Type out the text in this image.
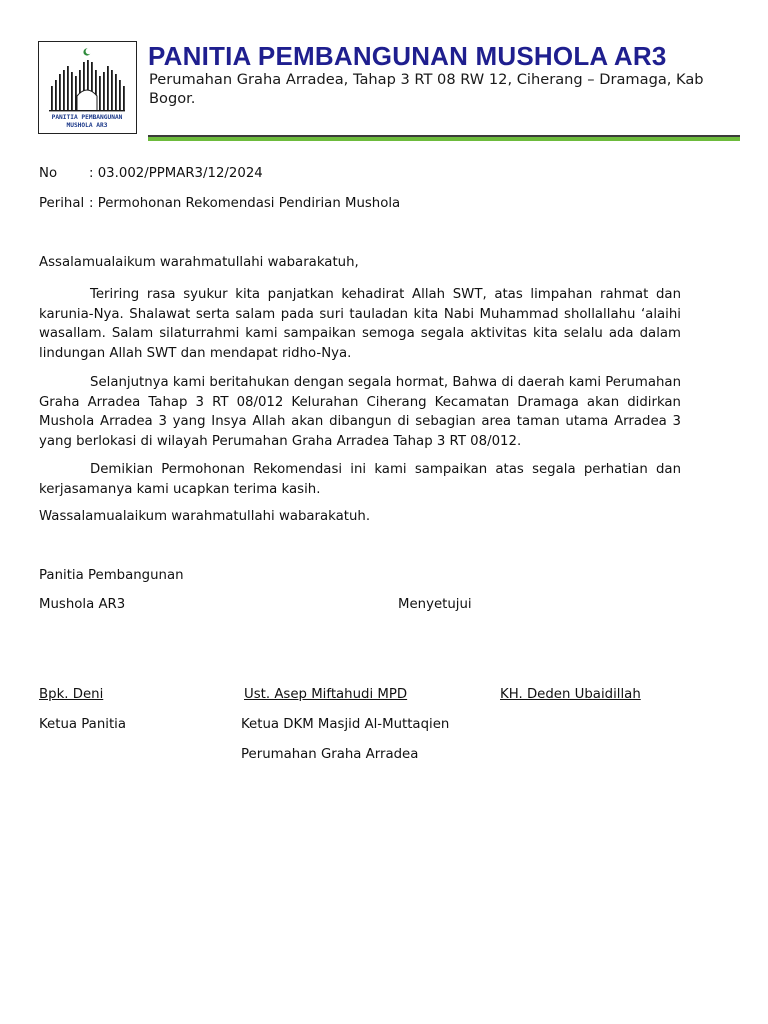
PANITIA PEMBANGUNAN
MUSHOLA AR3
PANITIA PEMBANGUNAN MUSHOLA AR3
Perumahan Graha Arradea, Tahap 3 RT 08 RW 12, Ciherang – Dramaga, Kab Bogor.
No : 03.002/PPMAR3/12/2024
Perihal : Permohonan Rekomendasi Pendirian Mushola
Assalamualaikum warahmatullahi wabarakatuh,
Teriring rasa syukur kita panjatkan kehadirat Allah SWT, atas limpahan rahmat dan karunia-Nya. Shalawat serta salam pada suri tauladan kita Nabi Muhammad shollallahu ‘alaihi wasallam. Salam silaturrahmi kami sampaikan semoga segala aktivitas kita selalu ada dalam lindungan Allah SWT dan mendapat ridho-Nya.
Selanjutnya kami beritahukan dengan segala hormat, Bahwa di daerah kami Perumahan Graha Arradea Tahap 3 RT 08/012 Kelurahan Ciherang Kecamatan Dramaga akan didirkan Mushola Arradea 3 yang Insya Allah akan dibangun di sebagian area taman utama Arradea 3 yang berlokasi di wilayah Perumahan Graha Arradea Tahap 3 RT 08/012.
Demikian Permohonan Rekomendasi ini kami sampaikan atas segala perhatian dan kerjasamanya kami ucapkan terima kasih.
Wassalamualaikum warahmatullahi wabarakatuh.
Panitia Pembangunan
Mushola AR3	Menyetujui
Bpk. Deni	Ust. Asep Miftahudi MPD	KH. Deden Ubaidillah
Ketua Panitia	Ketua DKM Masjid Al-Muttaqien
Perumahan Graha Arradea
